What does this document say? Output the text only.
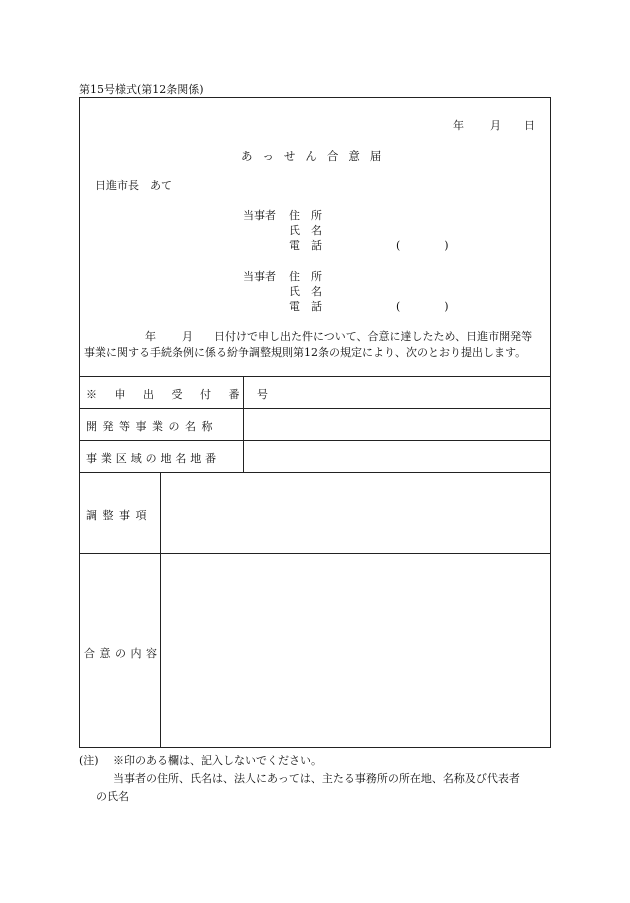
第15号様式(第12条関係)
年 月 日
あっせん合意届
日進市長　あて
当事者 住　所
氏　名
電　話	(　　　　)
当事者 住　所
氏　名
電　話	(　　　　)
年 月 日付けで申し出た件について、合意に達したため、日進市開発等
事業に関する手続条例に係る紛争調整規則第12条の規定により、次のとおり提出します。
※ 申 出 受 付 番 号
開 発 等 事 業 の 名 称
事 業 区 域 の 地 名 地 番
調 整 事 項
合 意 の 内 容
(注) ※印のある欄は、記入しないでください。
当事者の住所、氏名は、法人にあっては、主たる事務所の所在地、名称及び代表者
の氏名
